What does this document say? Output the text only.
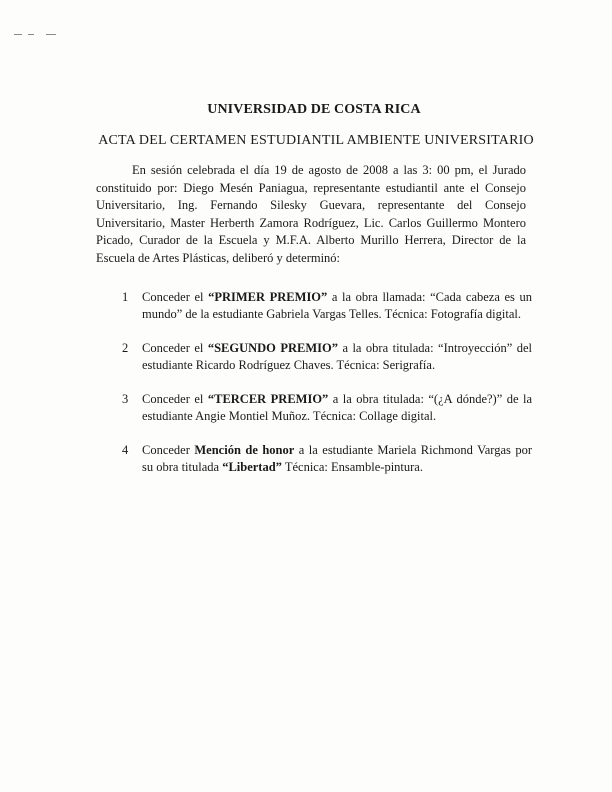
UNIVERSIDAD DE COSTA RICA
ACTA DEL CERTAMEN ESTUDIANTIL AMBIENTE UNIVERSITARIO

En sesión celebrada el día 19 de agosto de 2008 a las 3: 00 pm, el Jurado constituido por: Diego Mesén Paniagua, representante estudiantil ante el Consejo Universitario, Ing. Fernando Silesky Guevara, representante del Consejo Universitario, Master Herberth Zamora Rodríguez, Lic. Carlos Guillermo Montero Picado, Curador de la Escuela y M.F.A. Alberto Murillo Herrera, Director de la Escuela de Artes Plásticas, deliberó y determinó:

1 Conceder el “PRIMER PREMIO” a la obra llamada: “Cada cabeza es un mundo” de la estudiante Gabriela Vargas Telles. Técnica: Fotografía digital.
2 Conceder el “SEGUNDO PREMIO” a la obra titulada: “Introyección” del estudiante Ricardo Rodríguez Chaves. Técnica: Serigrafía.
3 Conceder el “TERCER PREMIO” a la obra titulada: “(¿A dónde?)” de la estudiante Angie Montiel Muñoz. Técnica: Collage digital.
4 Conceder Mención de honor a la estudiante Mariela Richmond Vargas por su obra titulada “Libertad” Técnica: Ensamble-pintura.
